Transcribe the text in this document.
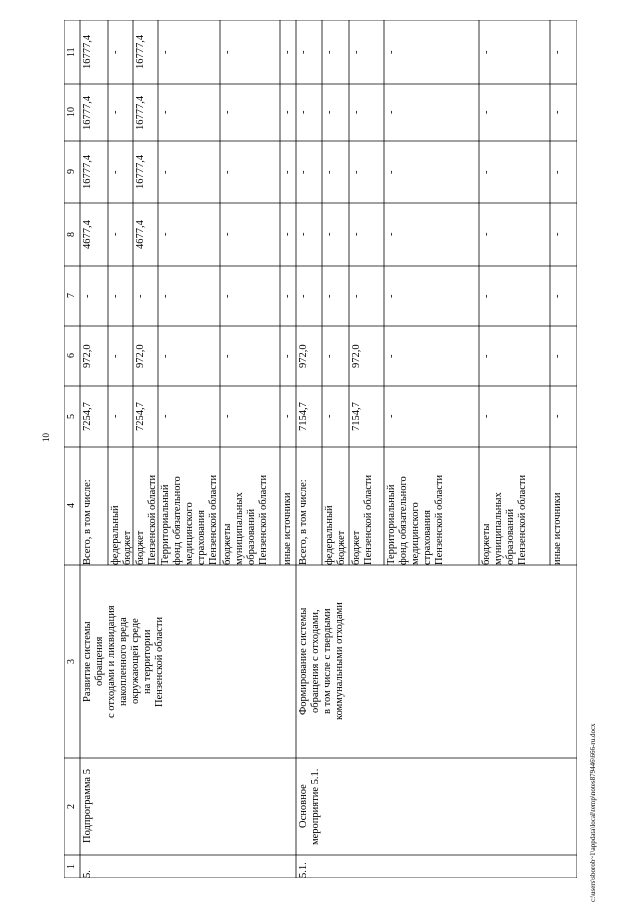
10
1
2
3
4
5
6
7
8
9
10
11
Всего, в том числе:
7254,7
972,0
-
4677,4
16777,4
16777,4
16777,4
федеральный
бюджет
-
-
-
-
-
-
-
бюджет
Пензенской области
7254,7
972,0
-
4677,4
16777,4
16777,4
16777,4
Территориальный
фонд обязательного
медицинского
страхования
Пензенской области
-
-
-
-
-
-
-
бюджеты
муниципальных
образований
Пензенской области
-
-
-
-
-
-
-
иные источники
-
-
-
-
-
-
-
Всего, в том числе:
7154,7
972,0
-
-
-
-
-
федеральный
бюджет
-
-
-
-
-
-
-
бюджет
Пензенской области
7154,7
972,0
-
-
-
-
-
Территориальный
фонд обязательного
медицинского
страхования
Пензенской области
-
-
-
-
-
-
-
бюджеты
муниципальных
образований
Пензенской области
-
-
-
-
-
-
-
иные источники
-
-
-
-
-
-
-
5.
Подпрограмма 5
Развитие системы
обращения
с отходами и ликвидация
накопленного вреда
окружающей среде
на территории
Пензенской области
5.1.
Основное
мероприятие 5.1.
Формирование системы
обращения с отходами,
в том числе с твердыми
коммунальными отходами
c:\users\sborob~1\appdata\local\temp\notes879446\666-ru.docx
